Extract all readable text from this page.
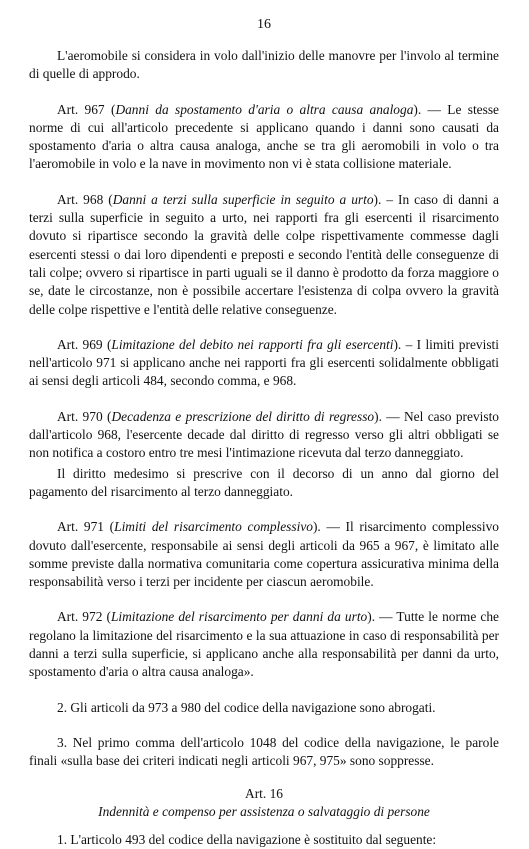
16

L'aeromobile si considera in volo dall'inizio delle manovre per l'involo al termine di quelle di approdo.

Art. 967 (Danni da spostamento d'aria o altra causa analoga). — Le stesse norme di cui all'articolo precedente si applicano quando i danni sono causati da spostamento d'aria o altra causa analoga, anche se tra gli aeromobili in volo o tra l'aeromobile in volo e la nave in movimento non vi è stata collisione materiale.

Art. 968 (Danni a terzi sulla superficie in seguito a urto). – In caso di danni a terzi sulla superficie in seguito a urto, nei rapporti fra gli esercenti il risarcimento dovuto si ripartisce secondo la gravità delle colpe rispettivamente commesse dagli esercenti stessi o dai loro dipendenti e preposti e secondo l'entità delle conseguenze di tali colpe; ovvero si ripartisce in parti uguali se il danno è prodotto da forza maggiore o se, date le circostanze, non è possibile accertare l'esistenza di colpa ovvero la gravità delle colpe rispettive e l'entità delle relative conseguenze.

Art. 969 (Limitazione del debito nei rapporti fra gli esercenti). – I limiti previsti nell'articolo 971 si applicano anche nei rapporti fra gli esercenti solidalmente obbligati ai sensi degli articoli 484, secondo comma, e 968.

Art. 970 (Decadenza e prescrizione del diritto di regresso). — Nel caso previsto dall'articolo 968, l'esercente decade dal diritto di regresso verso gli altri obbligati se non notifica a costoro entro tre mesi l'intimazione ricevuta dal terzo danneggiato.

Il diritto medesimo si prescrive con il decorso di un anno dal giorno del pagamento del risarcimento al terzo danneggiato.

Art. 971 (Limiti del risarcimento complessivo). — Il risarcimento complessivo dovuto dall'esercente, responsabile ai sensi degli articoli da 965 a 967, è limitato alle somme previste dalla normativa comunitaria come copertura assicurativa minima della responsabilità verso i terzi per incidente per ciascun aeromobile.

Art. 972 (Limitazione del risarcimento per danni da urto). — Tutte le norme che regolano la limitazione del risarcimento e la sua attuazione in caso di responsabilità per danni a terzi sulla superficie, si applicano anche alla responsabilità per danni da urto, spostamento d'aria o altra causa analoga».

2. Gli articoli da 973 a 980 del codice della navigazione sono abrogati.

3. Nel primo comma dell'articolo 1048 del codice della navigazione, le parole finali «sulla base dei criteri indicati negli articoli 967, 975» sono soppresse.

Art. 16
Indennità e compenso per assistenza o salvataggio di persone

1. L'articolo 493 del codice della navigazione è sostituito dal seguente:
